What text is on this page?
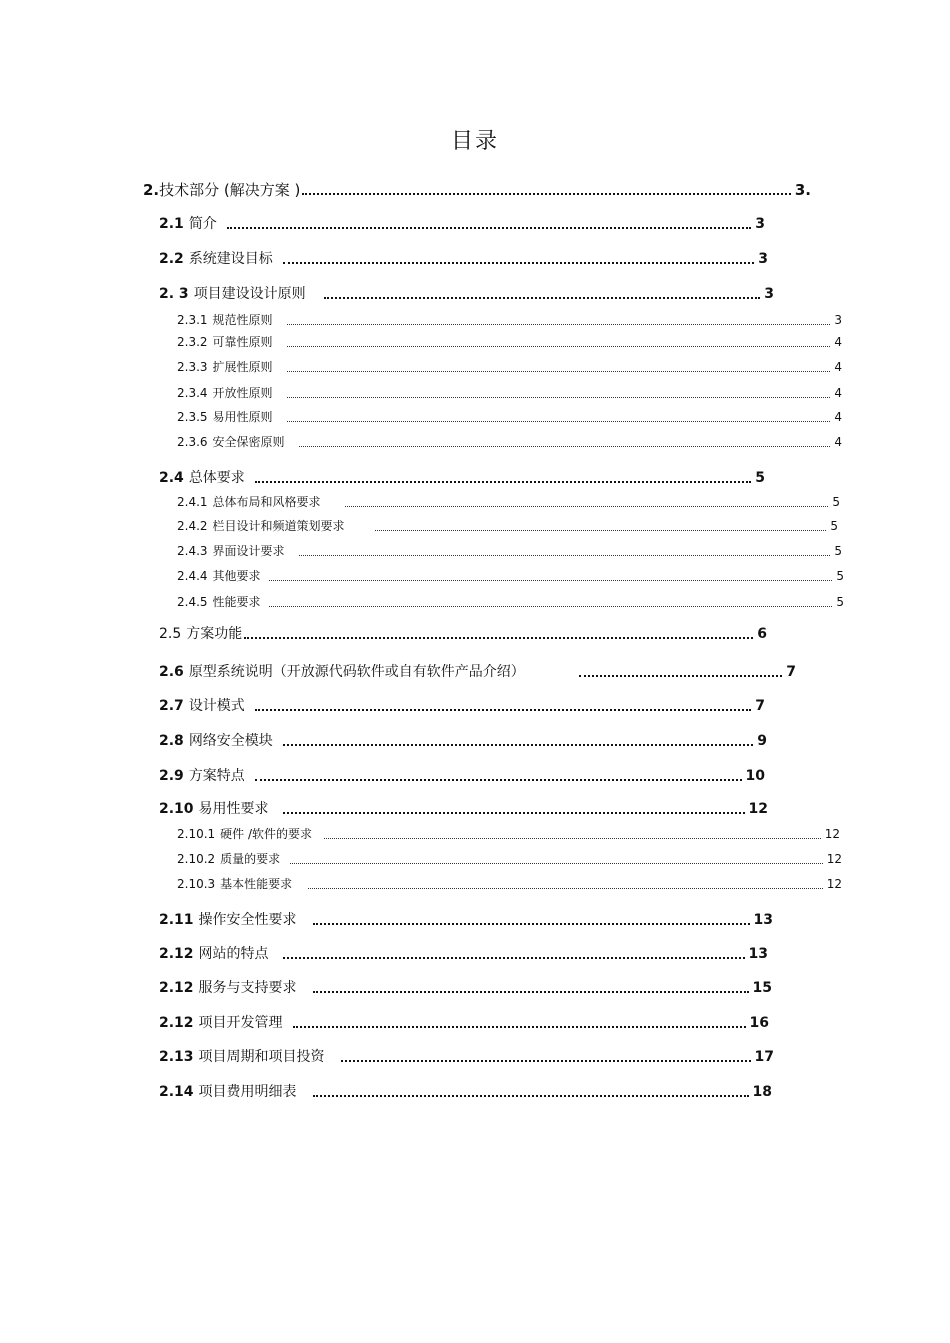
目录
2. 技术部分 (解决方案 )	3.
2.1 简介	3
2.2 系统建设目标	3
2. 3 项目建设设计原则	3
2.3.1 规范性原则	3
2.3.2 可靠性原则	4
2.3.3 扩展性原则	4
2.3.4 开放性原则	4
2.3.5 易用性原则	4
2.3.6 安全保密原则	4
2.4 总体要求	5
2.4.1 总体布局和风格要求	5
2.4.2 栏目设计和频道策划要求	5
2.4.3 界面设计要求	5
2.4.4 其他要求	5
2.4.5 性能要求	5
2.5 方案功能	6
2.6 原型系统说明（开放源代码软件或自有软件产品介绍）	7
2.7 设计模式	7
2.8 网络安全模块	9
2.9 方案特点	10
2.10 易用性要求	12
2.10.1 硬件 /软件的要求	12
2.10.2 质量的要求	12
2.10.3 基本性能要求	12
2.11 操作安全性要求	13
2.12 网站的特点	13
2.12 服务与支持要求	15
2.12 项目开发管理	16
2.13 项目周期和项目投资	17
2.14 项目费用明细表	18
